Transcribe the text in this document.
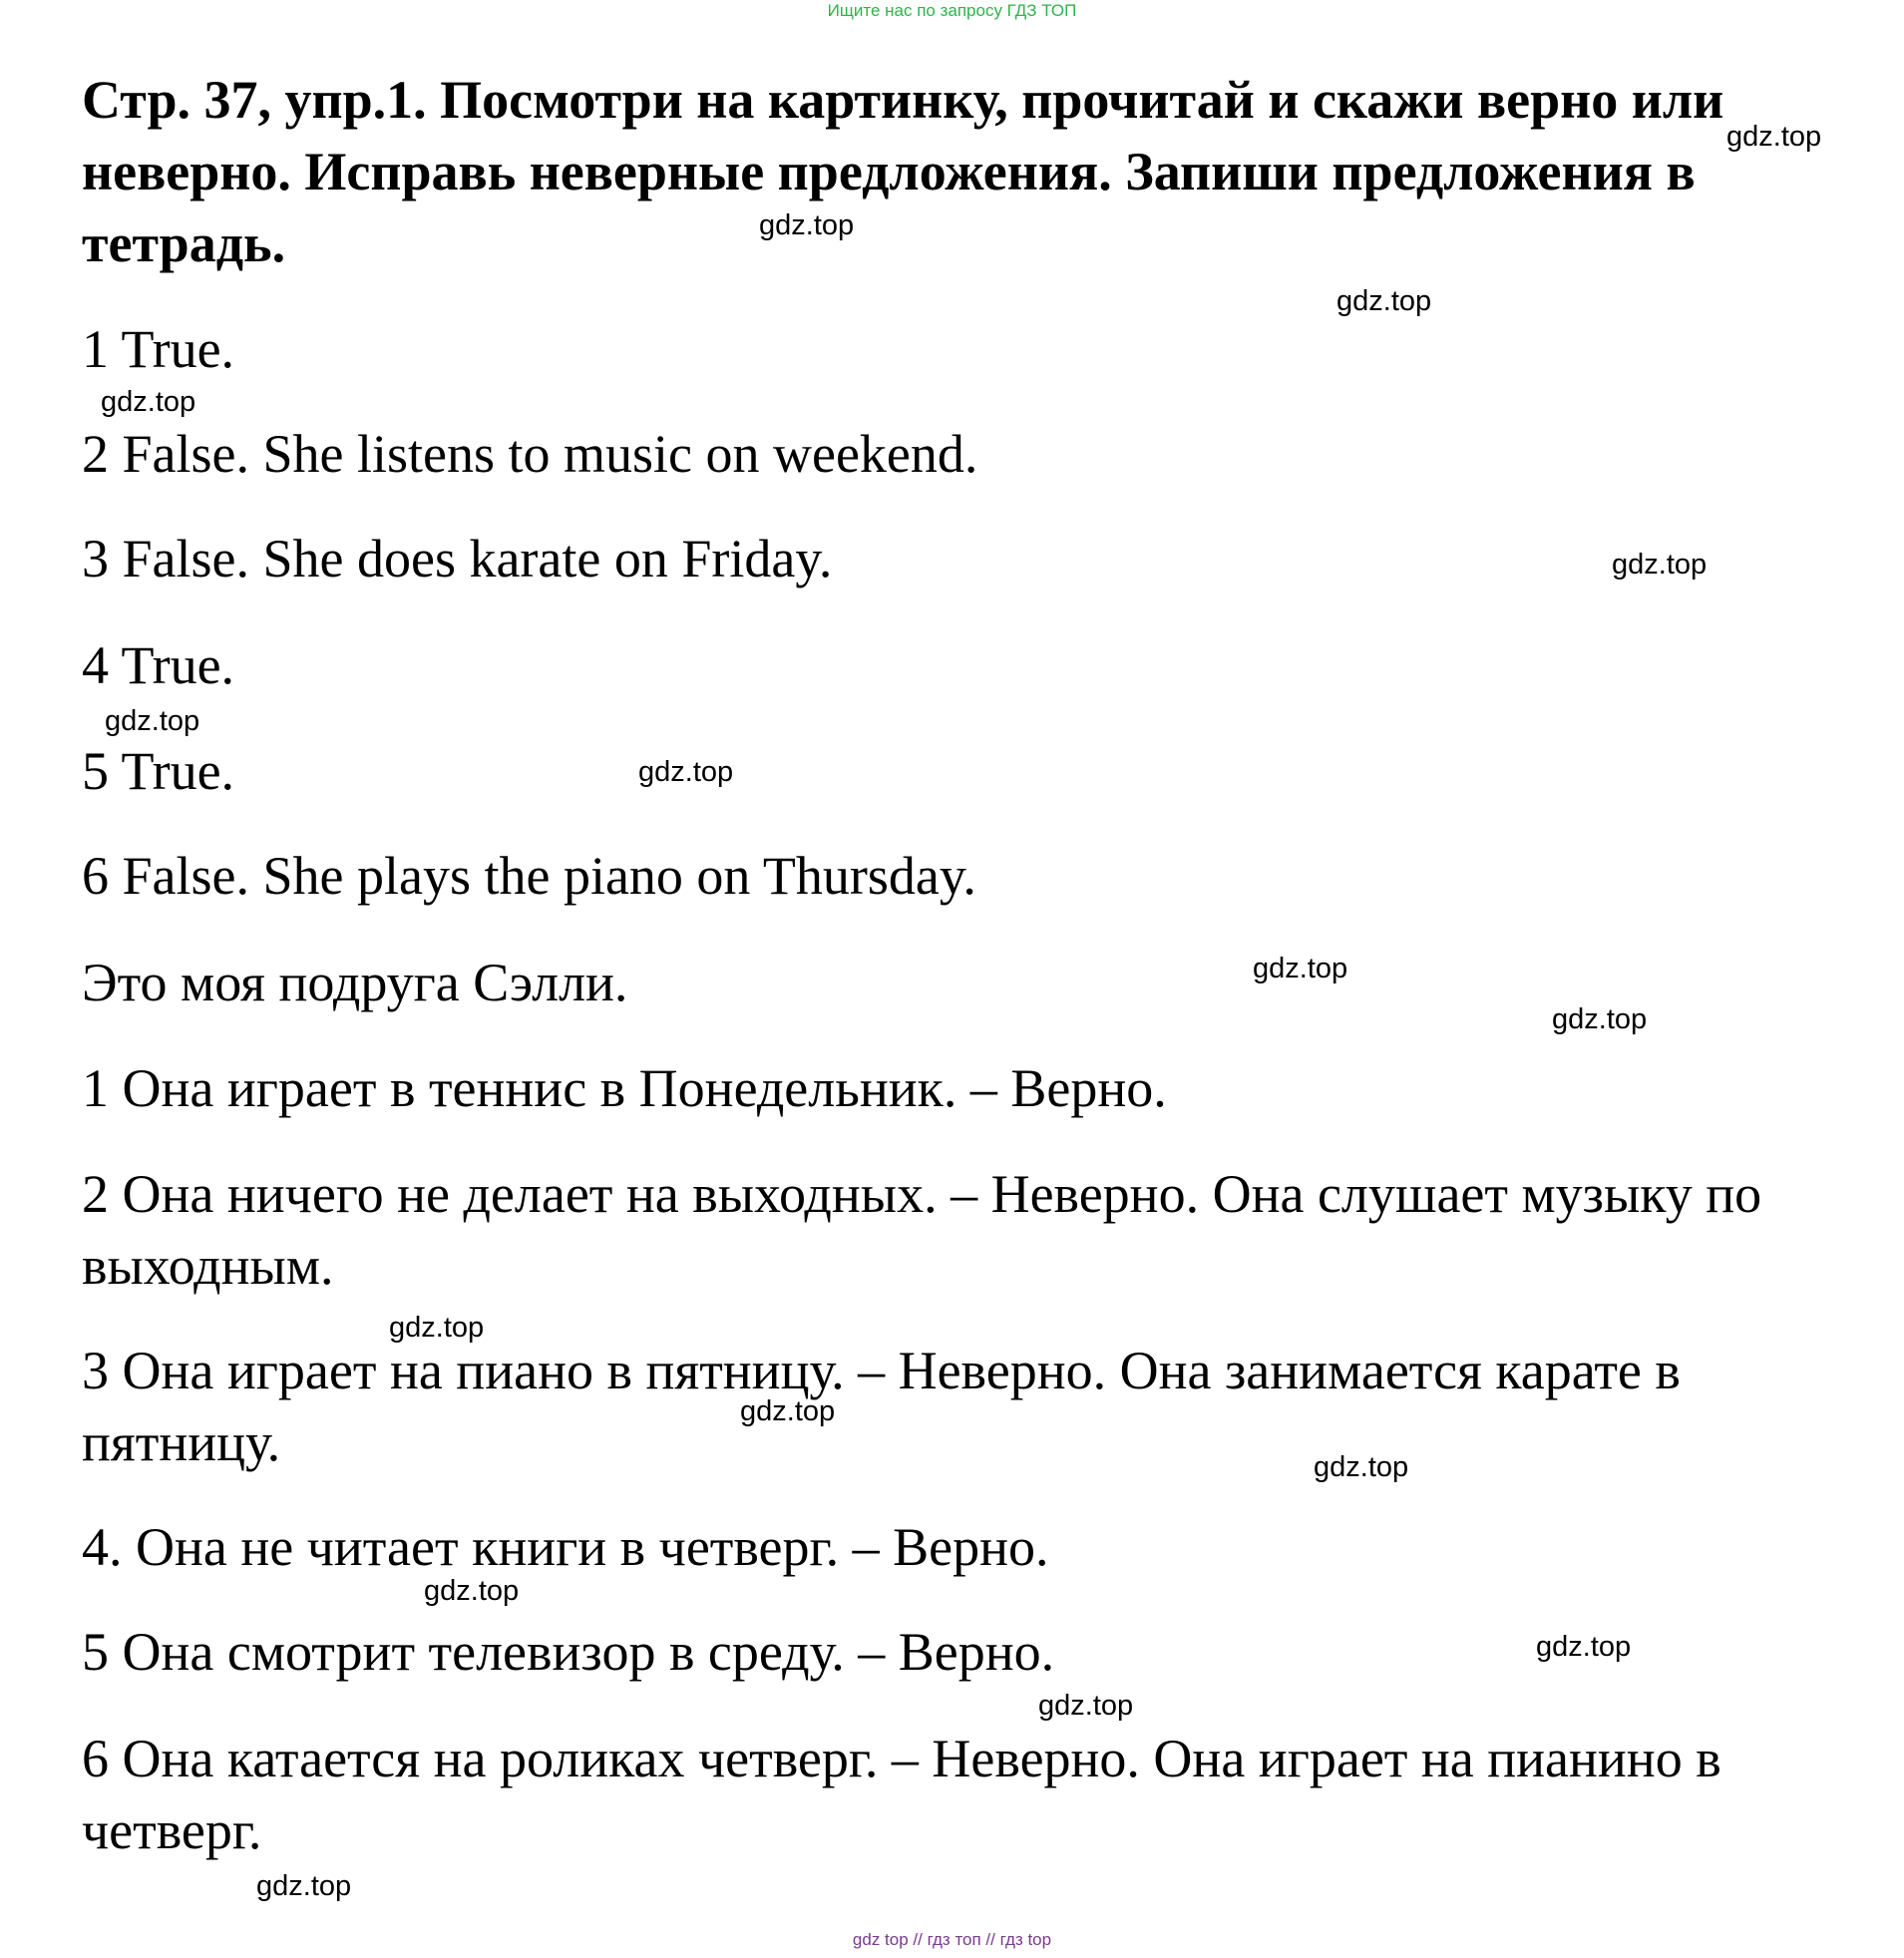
Ищите нас по запросу ГДЗ ТОП
Стр. 37, упр.1. Посмотри на картинку, прочитай и скажи верно или неверно. Исправь неверные предложения. Запиши предложения в тетрадь.

1 True.

2 False. She listens to music on weekend.

3 False. She does karate on Friday.

4 True.

5 True.

6 False. She plays the piano on Thursday.

Это моя подруга Сэлли.

1 Она играет в теннис в Понедельник. – Верно.

2 Она ничего не делает на выходных. – Неверно. Она слушает музыку по выходным.

3 Она играет на пиано в пятницу. – Неверно. Она занимается карате в пятницу.

4. Она не читает книги в четверг. – Верно.

5 Она смотрит телевизор в среду. – Верно.

6 Она катается на роликах четверг. – Неверно. Она играет на пианино в четверг.

gdz.top
gdz.top
gdz.top
gdz.top
gdz.top
gdz.top
gdz.top
gdz.top
gdz.top
gdz.top
gdz.top
gdz.top
gdz.top
gdz.top
gdz.top
gdz.top
gdz top // гдз топ // гдз top
